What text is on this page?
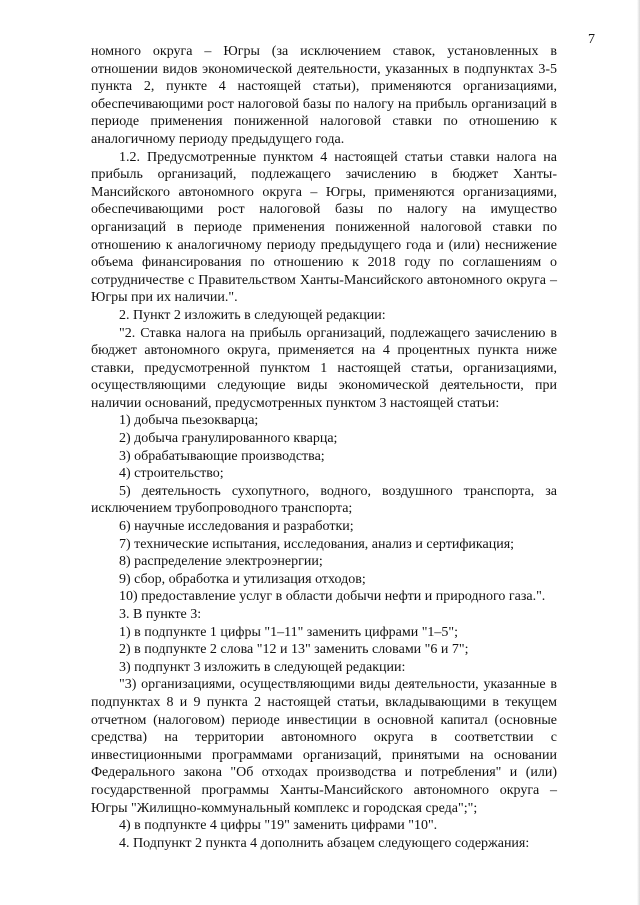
7

номного округа – Югры (за исключением ставок, установленных в отношении видов экономической деятельности, указанных в подпунктах 3-5 пункта 2, пункте 4 настоящей статьи), применяются организациями, обеспечивающими рост налоговой базы по налогу на прибыль организаций в периоде применения пониженной налоговой ставки по отношению к аналогичному периоду предыдущего года.

1.2. Предусмотренные пунктом 4 настоящей статьи ставки налога на прибыль организаций, подлежащего зачислению в бюджет Ханты-Мансийского автономного округа – Югры, применяются организациями, обеспечивающими рост налоговой базы по налогу на имущество организаций в периоде применения пониженной налоговой ставки по отношению к аналогичному периоду предыдущего года и (или) неснижение объема финансирования по отношению к 2018 году по соглашениям о сотрудничестве с Правительством Ханты-Мансийского автономного округа – Югры при их наличии.".

2. Пункт 2 изложить в следующей редакции:

"2. Ставка налога на прибыль организаций, подлежащего зачислению в бюджет автономного округа, применяется на 4 процентных пункта ниже ставки, предусмотренной пунктом 1 настоящей статьи, организациями, осуществляющими следующие виды экономической деятельности, при наличии оснований, предусмотренных пунктом 3 настоящей статьи:

1) добыча пьезокварца;

2) добыча гранулированного кварца;

3) обрабатывающие производства;

4) строительство;

5) деятельность сухопутного, водного, воздушного транспорта, за исключением трубопроводного транспорта;

6) научные исследования и разработки;

7) технические испытания, исследования, анализ и сертификация;

8) распределение электроэнергии;

9) сбор, обработка и утилизация отходов;

10) предоставление услуг в области добычи нефти и природного газа.".

3. В пункте 3:

1) в подпункте 1 цифры "1–11" заменить цифрами "1–5";

2) в подпункте 2 слова "12 и 13" заменить словами "6 и 7";

3) подпункт 3 изложить в следующей редакции:

"3) организациями, осуществляющими виды деятельности, указанные в подпунктах 8 и 9 пункта 2 настоящей статьи, вкладывающими в текущем отчетном (налоговом) периоде инвестиции в основной капитал (основные средства) на территории автономного округа в соответствии с инвестиционными программами организаций, принятыми на основании Федерального закона "Об отходах производства и потребления" и (или) государственной программы Ханты-Мансийского автономного округа – Югры "Жилищно-коммунальный комплекс и городская среда";";

4) в подпункте 4 цифры "19" заменить цифрами "10".

4. Подпункт 2 пункта 4 дополнить абзацем следующего содержания:
